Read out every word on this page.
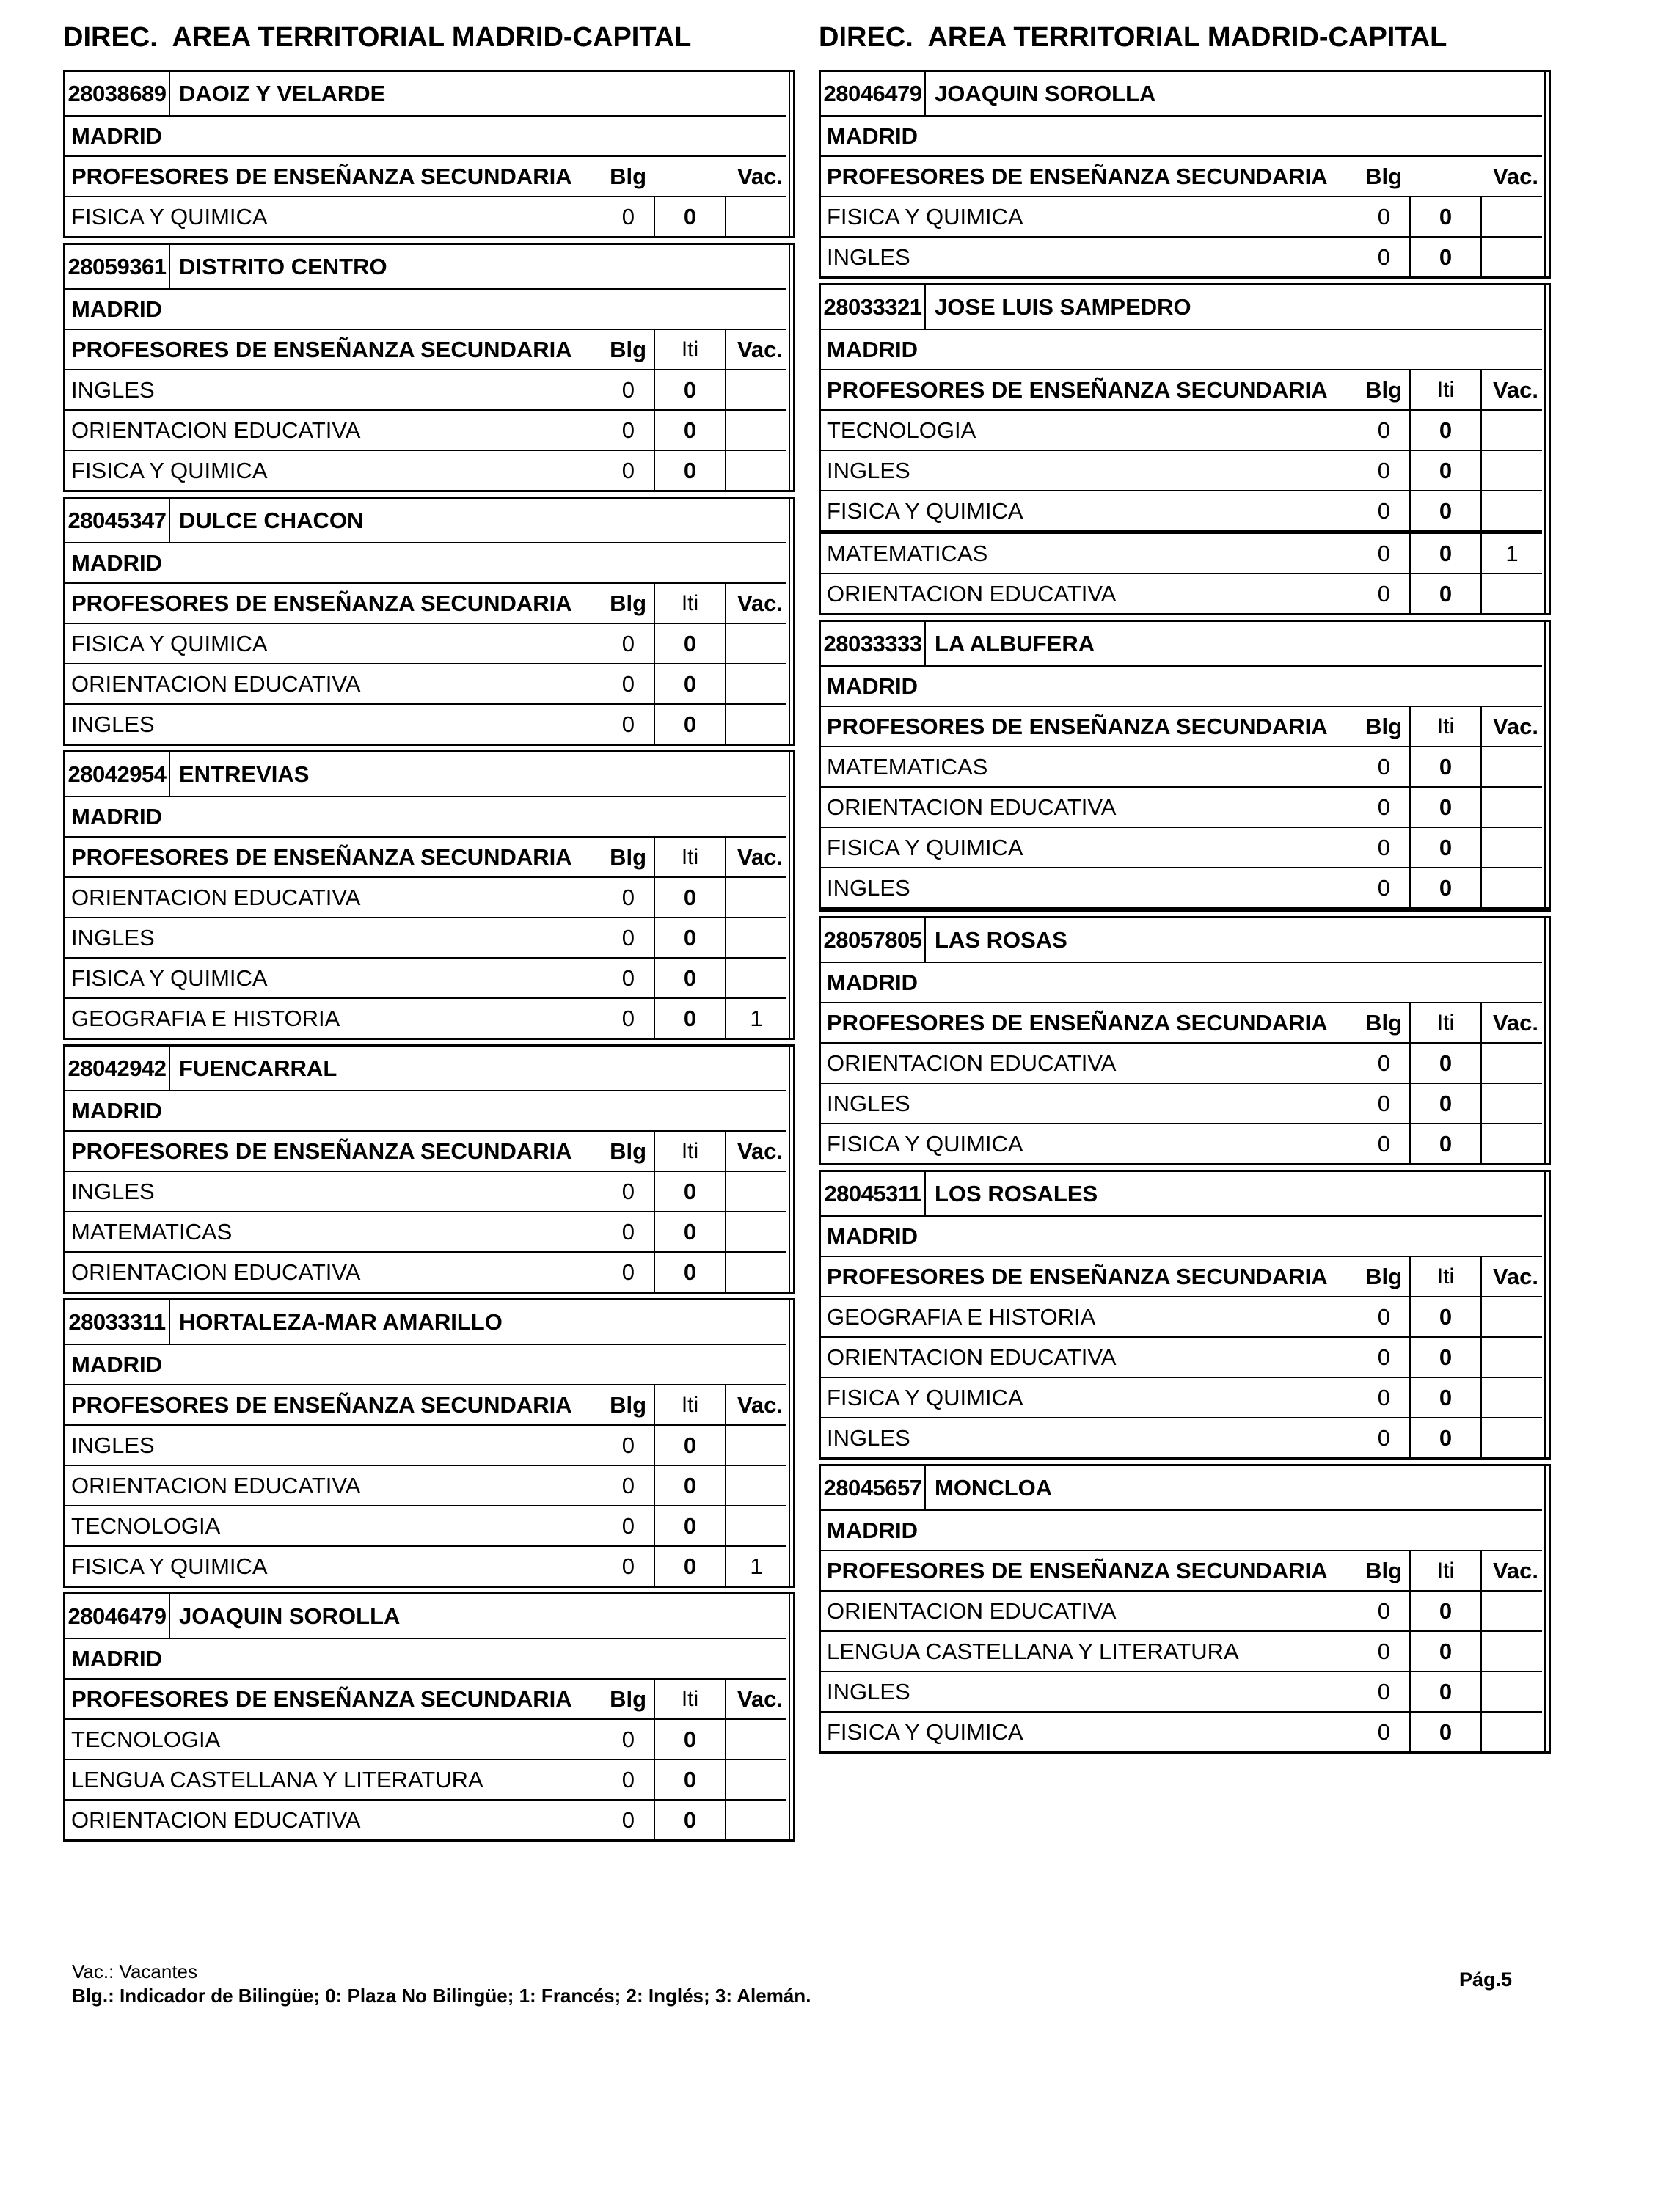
DIREC.  AREA TERRITORIAL MADRID-CAPITAL	DIREC.  AREA TERRITORIAL MADRID-CAPITAL
28038689 DAOIZ Y VELARDE
MADRID
PROFESORES DE ENSEÑANZA SECUNDARIA Blg	Vac.
FISICA Y QUIMICA	0	0
28059361 DISTRITO CENTRO
MADRID
PROFESORES DE ENSEÑANZA SECUNDARIA Blg	Iti	Vac.
INGLES	0	0
ORIENTACION EDUCATIVA	0	0
FISICA Y QUIMICA	0	0
28045347 DULCE CHACON
MADRID
PROFESORES DE ENSEÑANZA SECUNDARIA Blg	Iti	Vac.
FISICA Y QUIMICA	0	0
ORIENTACION EDUCATIVA	0	0
INGLES	0	0
28042954 ENTREVIAS
MADRID
PROFESORES DE ENSEÑANZA SECUNDARIA Blg	Iti	Vac.
ORIENTACION EDUCATIVA	0	0
INGLES	0	0
FISICA Y QUIMICA	0	0
GEOGRAFIA E HISTORIA	0	0	1
28042942 FUENCARRAL
MADRID
PROFESORES DE ENSEÑANZA SECUNDARIA Blg	Iti	Vac.
INGLES	0	0
MATEMATICAS	0	0
ORIENTACION EDUCATIVA	0	0
28033311 HORTALEZA-MAR AMARILLO
MADRID
PROFESORES DE ENSEÑANZA SECUNDARIA Blg	Iti	Vac.
INGLES	0	0
ORIENTACION EDUCATIVA	0	0
TECNOLOGIA	0	0
FISICA Y QUIMICA	0	0	1
28046479 JOAQUIN SOROLLA
MADRID
PROFESORES DE ENSEÑANZA SECUNDARIA Blg	Iti	Vac.
TECNOLOGIA	0	0
LENGUA CASTELLANA Y LITERATURA	0	0
ORIENTACION EDUCATIVA	0	0
28046479 JOAQUIN SOROLLA
MADRID
PROFESORES DE ENSEÑANZA SECUNDARIA Blg	Vac.
FISICA Y QUIMICA	0	0
INGLES	0	0
28033321 JOSE LUIS SAMPEDRO
MADRID
PROFESORES DE ENSEÑANZA SECUNDARIA Blg	Iti	Vac.
TECNOLOGIA	0	0
INGLES	0	0
FISICA Y QUIMICA	0	0
MATEMATICAS	0	0	1
ORIENTACION EDUCATIVA	0	0
28033333 LA ALBUFERA
MADRID
PROFESORES DE ENSEÑANZA SECUNDARIA Blg	Iti	Vac.
MATEMATICAS	0	0
ORIENTACION EDUCATIVA	0	0
FISICA Y QUIMICA	0	0
INGLES	0	0
28057805 LAS ROSAS
MADRID
PROFESORES DE ENSEÑANZA SECUNDARIA Blg	Iti	Vac.
ORIENTACION EDUCATIVA	0	0
INGLES	0	0
FISICA Y QUIMICA	0	0
28045311 LOS ROSALES
MADRID
PROFESORES DE ENSEÑANZA SECUNDARIA Blg	Iti	Vac.
GEOGRAFIA E HISTORIA	0	0
ORIENTACION EDUCATIVA	0	0
FISICA Y QUIMICA	0	0
INGLES	0	0
28045657 MONCLOA
MADRID
PROFESORES DE ENSEÑANZA SECUNDARIA Blg	Iti	Vac.
ORIENTACION EDUCATIVA	0	0
LENGUA CASTELLANA Y LITERATURA	0	0
INGLES	0	0
FISICA Y QUIMICA	0	0
Vac.: Vacantes
Blg.: Indicador de Bilingüe; 0: Plaza No Bilingüe; 1: Francés; 2: Inglés; 3: Alemán.
Pág.5
